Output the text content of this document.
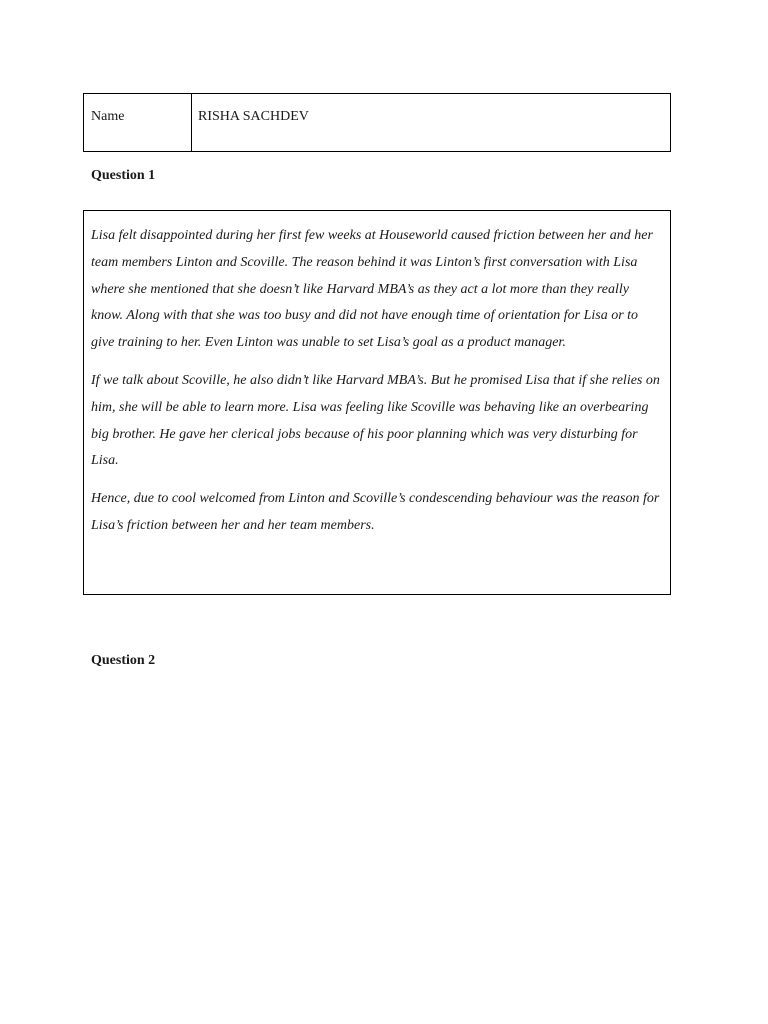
Name	RISHA SACHDEV
Question 1

Lisa felt disappointed during her first few weeks at Houseworld caused friction between her and her team members Linton and Scoville. The reason behind it was Linton’s first conversation with Lisa where she mentioned that she doesn’t like Harvard MBA’s as they act a lot more than they really know. Along with that she was too busy and did not have enough time of orientation for Lisa or to give training to her. Even Linton was unable to set Lisa’s goal as a product manager.

If we talk about Scoville, he also didn’t like Harvard MBA’s. But he promised Lisa that if she relies on him, she will be able to learn more. Lisa was feeling like Scoville was behaving like an overbearing big brother. He gave her clerical jobs because of his poor planning which was very disturbing for Lisa.

Hence, due to cool welcomed from Linton and Scoville’s condescending behaviour was the reason for Lisa’s friction between her and her team members.

Question 2
